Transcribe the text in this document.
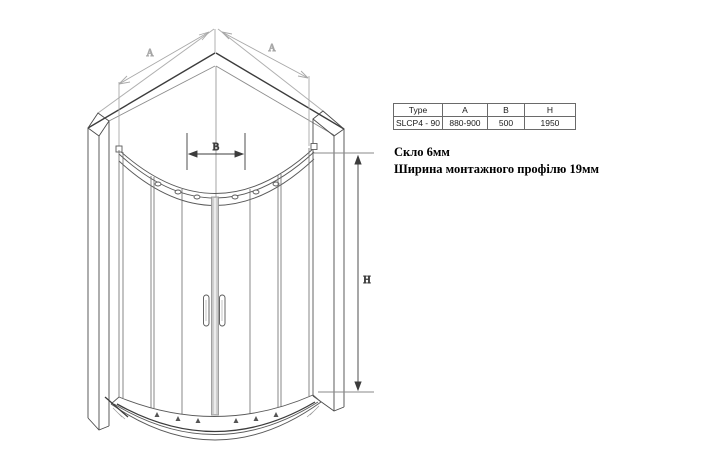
A	A
B
H
Type	A	B	H
SLCP4 - 90	880-900	500	1950
Скло 6мм
Ширина монтажного профілю 19мм
